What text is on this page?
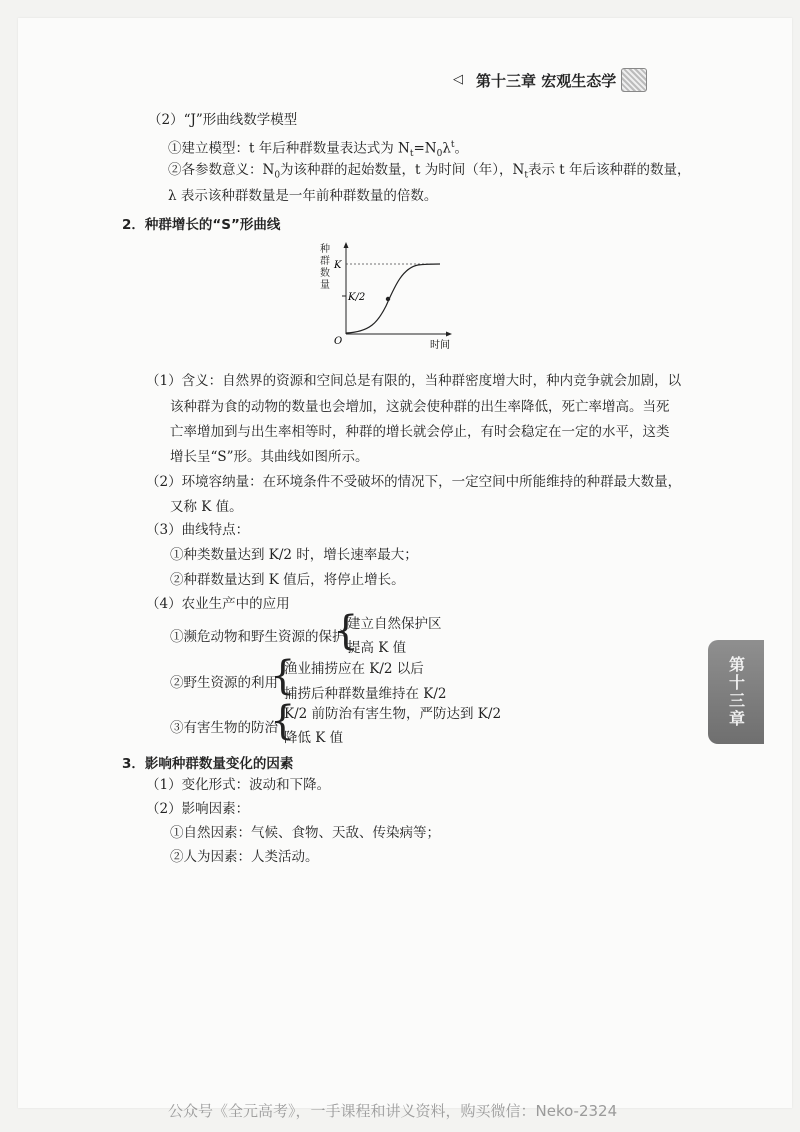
◁ 第十三章 宏观生态学
（2）“J”形曲线数学模型
①建立模型：t 年后种群数量表达式为 $N_t=N_0\lambda^t$。
②各参数意义：$N_0$为该种群的起始数量，t 为时间（年），$N_t$表示 t 年后该种群的数量，
λ 表示该种群数量是一年前种群数量的倍数。
2．种群增长的“S”形曲线
种
群
数
量
K
K/2
O	时间
（1）含义：自然界的资源和空间总是有限的，当种群密度增大时，种内竞争就会加剧，以
该种群为食的动物的数量也会增加，这就会使种群的出生率降低，死亡率增高。当死
亡率增加到与出生率相等时，种群的增长就会停止，有时会稳定在一定的水平，这类
增长呈“S”形。其曲线如图所示。
（2）环境容纳量：在环境条件不受破坏的情况下，一定空间中所能维持的种群最大数量，
又称 K 值。
（3）曲线特点：
①种类数量达到 K/2 时，增长速率最大；
②种群数量达到 K 值后，将停止增长。
（4）农业生产中的应用
①濒危动物和野生资源的保护
{
建立自然保护区
提高 K 值
②野生资源的利用
{
渔业捕捞应在 K/2 以后
捕捞后种群数量维持在 K/2
③有害生物的防治
{
K/2 前防治有害生物，严防达到 K/2
降低 K 值
3．影响种群数量变化的因素
（1）变化形式：波动和下降。
（2）影响因素：
①自然因素：气候、食物、天敌、传染病等；
②人为因素：人类活动。
第十三章
公众号《全元高考》，一手课程和讲义资料，购买微信：Neko-2324
